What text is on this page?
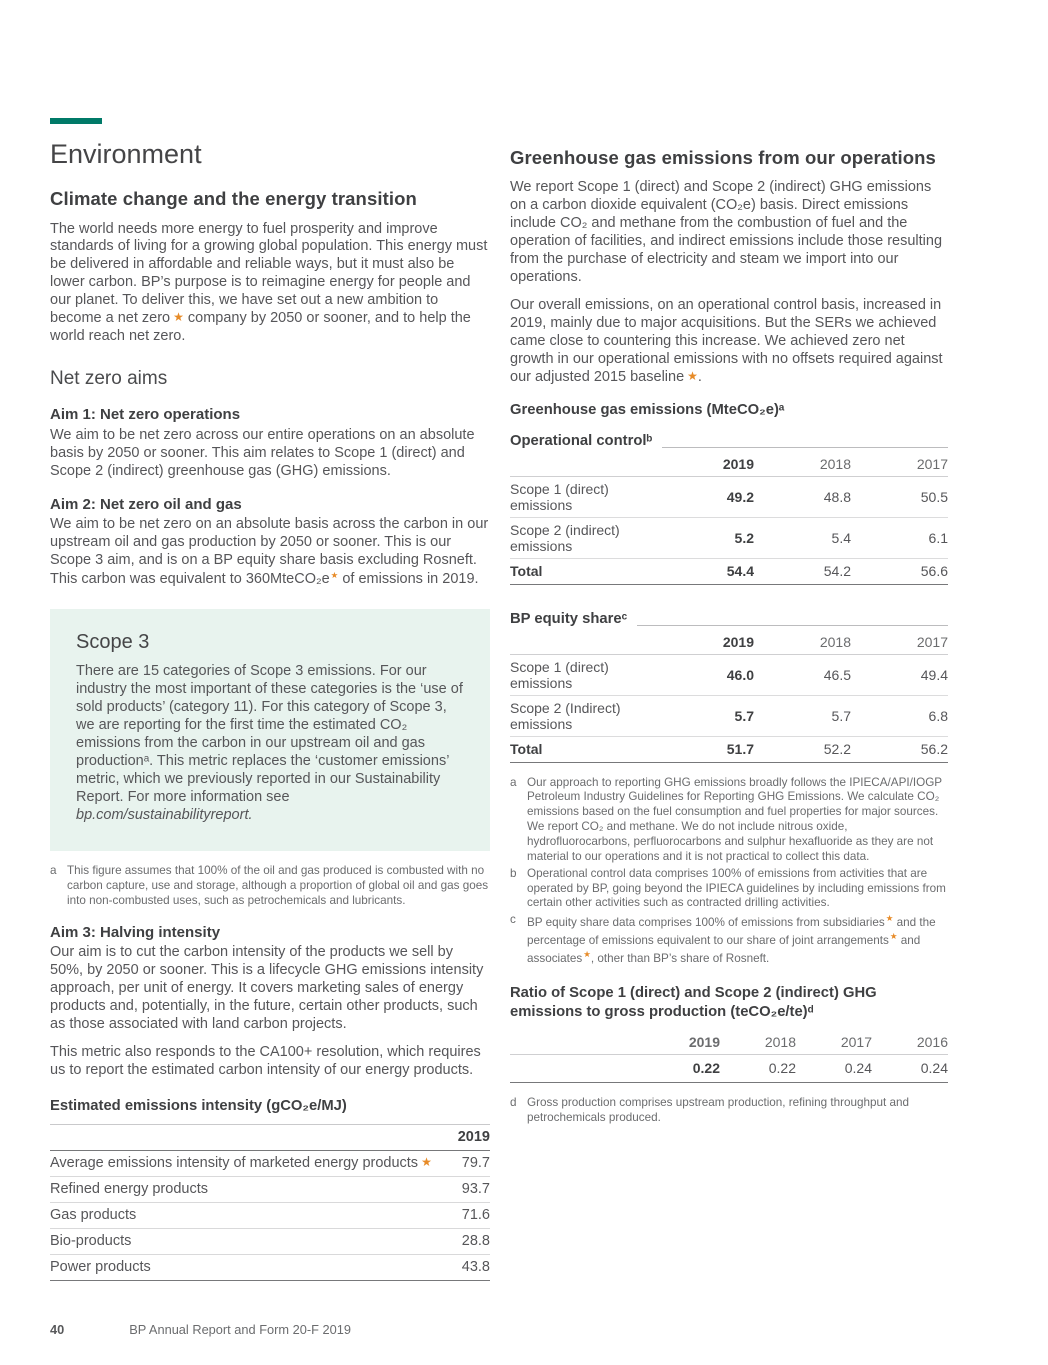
Environment
Climate change and the energy transition

The world needs more energy to fuel prosperity and improve standards of living for a growing global population. This energy must be delivered in affordable and reliable ways, but it must also be lower carbon. BP’s purpose is to reimagine energy for people and our planet. To deliver this, we have set out a new ambition to become a net zero ★ company by 2050 or sooner, and to help the world reach net zero.

Net zero aims

Aim 1: Net zero operations

We aim to be net zero across our entire operations on an absolute basis by 2050 or sooner. This aim relates to Scope 1 (direct) and Scope 2 (indirect) greenhouse gas (GHG) emissions.

Aim 2: Net zero oil and gas

We aim to be net zero on an absolute basis across the carbon in our upstream oil and gas production by 2050 or sooner. This is our Scope 3 aim, and is on a BP equity share basis excluding Rosneft. This carbon was equivalent to 360MteCO₂e★ of emissions in 2019.

Scope 3

There are 15 categories of Scope 3 emissions. For our industry the most important of these categories is the ‘use of sold products’ (category 11). For this category of Scope 3, we are reporting for the first time the estimated CO₂ emissions from the carbon in our upstream oil and gas productionᵃ. This metric replaces the ‘customer emissions’ metric, which we previously reported in our Sustainability Report. For more information see bp.com/sustainabilityreport.

a This figure assumes that 100% of the oil and gas produced is combusted with no carbon capture, use and storage, although a proportion of global oil and gas goes into non-combusted uses, such as petrochemicals and lubricants.

Aim 3: Halving intensity

Our aim is to cut the carbon intensity of the products we sell by 50%, by 2050 or sooner. This is a lifecycle GHG emissions intensity approach, per unit of energy. It covers marketing sales of energy products and, potentially, in the future, certain other products, such as those associated with land carbon projects.

This metric also responds to the CA100+ resolution, which requires us to report the estimated carbon intensity of our energy products.

Estimated emissions intensity (gCO₂e/MJ)

	2019
Average emissions intensity of marketed energy products ★	79.7
Refined energy products	93.7
Gas products	71.6
Bio-products	28.8
Power products	43.8
Greenhouse gas emissions from our operations

We report Scope 1 (direct) and Scope 2 (indirect) GHG emissions on a carbon dioxide equivalent (CO₂e) basis. Direct emissions include CO₂ and methane from the combustion of fuel and the operation of facilities, and indirect emissions include those resulting from the purchase of electricity and steam we import into our operations.

Our overall emissions, on an operational control basis, increased in 2019, mainly due to major acquisitions. But the SERs we achieved came close to countering this increase. We achieved zero net growth in our operational emissions with no offsets required against our adjusted 2015 baseline ★.

Greenhouse gas emissions (MteCO₂e)ᵃ

Operational controlᵇ
	2019	2018	2017
Scope 1 (direct) emissions	49.2	48.8	50.5
Scope 2 (indirect) emissions	5.2	5.4	6.1
Total	54.4	54.2	56.6
BP equity shareᶜ
	2019	2018	2017
Scope 1 (direct) emissions	46.0	46.5	49.4
Scope 2 (Indirect) emissions	5.7	5.7	6.8
Total	51.7	52.2	56.2
a Our approach to reporting GHG emissions broadly follows the IPIECA/API/IOGP Petroleum Industry Guidelines for Reporting GHG Emissions. We calculate CO₂ emissions based on the fuel consumption and fuel properties for major sources. We report CO₂ and methane. We do not include nitrous oxide, hydrofluorocarbons, perfluorocarbons and sulphur hexafluoride as they are not material to our operations and it is not practical to collect this data.
b Operational control data comprises 100% of emissions from activities that are operated by BP, going beyond the IPIECA guidelines by including emissions from certain other activities such as contracted drilling activities.
c BP equity share data comprises 100% of emissions from subsidiaries★ and the percentage of emissions equivalent to our share of joint arrangements★ and associates★, other than BP’s share of Rosneft.

Ratio of Scope 1 (direct) and Scope 2 (indirect) GHG emissions to gross production (teCO₂e/te)ᵈ

	2019	2018	2017	2016
	0.22	0.22	0.24	0.24
d Gross production comprises upstream production, refining throughput and petrochemicals produced.
40	BP Annual Report and Form 20-F 2019
